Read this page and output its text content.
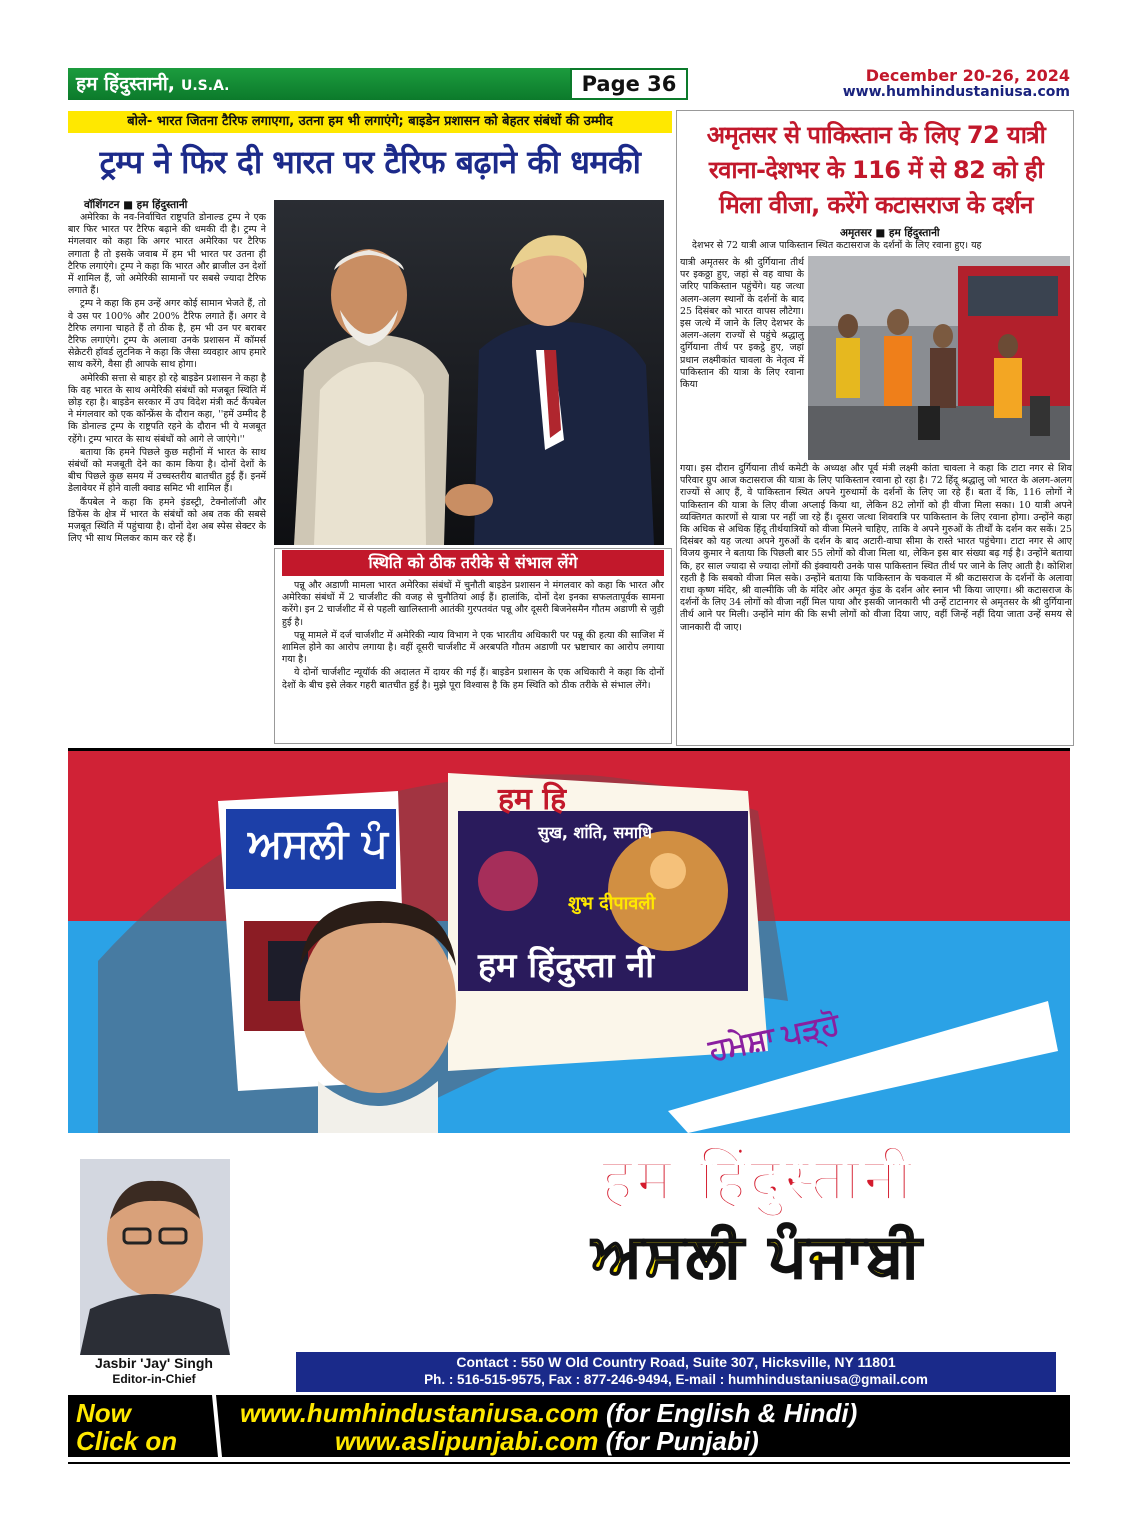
हम हिंदुस्तानी, U.S.A.	Page 36	December 20-26, 2024
www.humhindustaniusa.com
बोले- भारत जितना टैरिफ लगाएगा, उतना हम भी लगाएंगे; बाइडेन प्रशासन को बेहतर संबंधों की उम्मीद
ट्रम्प ने फिर दी भारत पर टैरिफ बढ़ाने की धमकी
वॉशिंगटन ■ हम हिंदुस्तानी

अमेरिका के नव-निर्वाचित राष्ट्रपति डोनाल्ड ट्रम्प ने एक बार फिर भारत पर टैरिफ बढ़ाने की धमकी दी है। ट्रम्प ने मंगलवार को कहा कि अगर भारत अमेरिका पर टैरिफ लगाता है तो इसके जवाब में हम भी भारत पर उतना ही टैरिफ लगाएंगे। ट्रम्प ने कहा कि भारत और ब्राजील उन देशों में शामिल हैं, जो अमेरिकी सामानों पर सबसे ज्यादा टैरिफ लगाते हैं।

ट्रम्प ने कहा कि हम उन्हें अगर कोई सामान भेजते हैं, तो वे उस पर 100% और 200% टैरिफ लगाते हैं। अगर वे टैरिफ लगाना चाहते हैं तो ठीक है, हम भी उन पर बराबर टैरिफ लगाएंगे। ट्रम्प के अलावा उनके प्रशासन में कॉमर्स सेक्रेटरी हॉवर्ड लुटनिक ने कहा कि जैसा व्यवहार आप हमारे साथ करेंगे, वैसा ही आपके साथ होगा।

अमेरिकी सत्ता से बाहर हो रहे बाइडेन प्रशासन ने कहा है कि वह भारत के साथ अमेरिकी संबंधों को मजबूत स्थिति में छोड़ रहा है। बाइडेन सरकार में उप विदेश मंत्री कर्ट कैंपबेल ने मंगलवार को एक कॉन्फ्रेंस के दौरान कहा, ''हमें उम्मीद है कि डोनाल्ड ट्रम्प के राष्ट्रपति रहने के दौरान भी ये मजबूत रहेंगे। ट्रम्प भारत के साथ संबंधों को आगे ले जाएंगे।''

बताया कि हमने पिछले कुछ महीनों में भारत के साथ संबंधों को मजबूती देने का काम किया है। दोनों देशों के बीच पिछले कुछ समय में उच्चस्तरीय बातचीत हुई हैं। इनमें डेलावेयर में होने वाली क्वाड समिट भी शामिल हैं।

कैंपबेल ने कहा कि हमने इंडस्ट्री, टेक्नोलॉजी और डिफेंस के क्षेत्र में भारत के संबंधों को अब तक की सबसे मजबूत स्थिति में पहुंचाया है। दोनों देश अब स्पेस सेक्टर के लिए भी साथ मिलकर काम कर रहे हैं।

स्थिति को ठीक तरीके से संभाल लेंगे

पन्नू और अडाणी मामला भारत अमेरिका संबंधों में चुनौती बाइडेन प्रशासन ने मंगलवार को कहा कि भारत और अमेरिका संबंधों में 2 चार्जशीट की वजह से चुनौतियां आई हैं। हालांकि, दोनों देश इनका सफलतापूर्वक सामना करेंगे। इन 2 चार्जशीट में से पहली खालिस्तानी आतंकी गुरपतवंत पन्नू और दूसरी बिजनेसमैन गौतम अडाणी से जुड़ी हुई है।

पन्नू मामले में दर्ज चार्जशीट में अमेरिकी न्याय विभाग ने एक भारतीय अधिकारी पर पन्नू की हत्या की साजिश में शामिल होने का आरोप लगाया है। वहीं दूसरी चार्जशीट में अरबपति गौतम अडाणी पर भ्रष्टाचार का आरोप लगाया गया है।

ये दोनों चार्जशीट न्यूयॉर्क की अदालत में दायर की गई हैं। बाइडेन प्रशासन के एक अधिकारी ने कहा कि दोनों देशों के बीच इसे लेकर गहरी बातचीत हुई है। मुझे पूरा विश्वास है कि हम स्थिति को ठीक तरीके से संभाल लेंगे।

अमृतसर से पाकिस्तान के लिए 72 यात्री
रवाना-देशभर के 116 में से 82 को ही
मिला वीजा, करेंगे कटासराज के दर्शन
अमृतसर ■ हम हिंदुस्तानी

देशभर से 72 यात्री आज पाकिस्तान स्थित कटासराज के दर्शनों के लिए रवाना हुए। यह

यात्री अमृतसर के श्री दुर्गियाना तीर्थ पर इकठ्ठा हुए, जहां से वह वाघा के जरिए पाकिस्तान पहुंचेंगे। यह जत्था अलग-अलग स्थानों के दर्शनों के बाद 25 दिसंबर को भारत वापस लौटेगा। इस जत्थे में जाने के लिए देशभर के अलग-अलग राज्यों से पहुंचे श्रद्धालु दुर्गियाना तीर्थ पर इकट्ठे हुए, जहां प्रधान लक्ष्मीकांत चावला के नेतृत्व में पाकिस्तान की यात्रा के लिए रवाना किया

गया। इस दौरान दुर्गियाना तीर्थ कमेटी के अध्यक्ष और पूर्व मंत्री लक्ष्मी कांता चावला ने कहा कि टाटा नगर से शिव परिवार ग्रुप आज कटासराज की यात्रा के लिए पाकिस्तान रवाना हो रहा है। 72 हिंदू श्रद्धालु जो भारत के अलग-अलग राज्यों से आए हैं, वे पाकिस्तान स्थित अपने गुरुधामों के दर्शनों के लिए जा रहे हैं। बता दें कि, 116 लोगों ने पाकिस्तान की यात्रा के लिए वीजा अप्लाई किया था, लेकिन 82 लोगों को ही वीजा मिला सका। 10 यात्री अपने व्यक्तिगत कारणों से यात्रा पर नहीं जा रहे हैं। दूसरा जत्था शिवरात्रि पर पाकिस्तान के लिए रवाना होगा। उन्होंने कहा कि अधिक से अधिक हिंदू तीर्थयात्रियों को वीजा मिलने चाहिए, ताकि वे अपने गुरुओं के तीर्थों के दर्शन कर सकें। 25 दिसंबर को यह जत्था अपने गुरुओं के दर्शन के बाद अटारी-वाघा सीमा के रास्ते भारत पहुंचेगा। टाटा नगर से आए विजय कुमार ने बताया कि पिछली बार 55 लोगों को वीजा मिला था, लेकिन इस बार संख्या बढ़ गई है। उन्होंने बताया कि, हर साल ज्यादा से ज्यादा लोगों की इंक्वायरी उनके पास पाकिस्तान स्थित तीर्थ पर जाने के लिए आती है। कोशिश रहती है कि सबको वीजा मिल सके। उन्होंने बताया कि पाकिस्तान के चकवाल में श्री कटासराज के दर्शनों के अलावा राधा कृष्ण मंदिर, श्री वाल्मीकि जी के मंदिर ओर अमृत कुंड के दर्शन ओर स्नान भी किया जाएगा। श्री कटासराज के दर्शनों के लिए 34 लोगों को वीजा नहीं मिल पाया और इसकी जानकारी भी उन्हें टाटानगर से अमृतसर के श्री दुर्गियाना तीर्थ आने पर मिली। उन्होंने मांग की कि सभी लोगों को वीजा दिया जाए, वहीं जिन्हें नहीं दिया जाता उन्हें समय से जानकारी दी जाए।

ਹਮੇਸ਼ਾ ਪੜ੍ਹੋ
हम हिंदुस्तानी
ਅਸਲੀ ਪੰਜਾਬੀ
ਅਮਰੀਕਾ ਅਤੇ ਭਾਰਤ ਤੋਂ ਇਕੋ ਵੇਲੇ ਪ੍ਰਕਾਸ਼ਤ ਹੋਣ ਵਾਲਾ ਹਫਤਾਵਾਰੀ ਅਖ਼ਬਾਰ
ਅਸਲੀ ਪੰ
हम हि
सुख, शांति, समाधि
शुभ दीपावली
हम हिंदुस्ता नी
Jasbir 'Jay' Singh
Editor-in-Chief
Contact : 550 W Old Country Road, Suite 307, Hicksville, NY 11801
Ph. : 516-515-9575, Fax : 877-246-9494, E-mail : humhindustaniusa@gmail.com
Now
Click on
www.humhindustaniusa.com (for English & Hindi)
www.aslipunjabi.com (for Punjabi)
